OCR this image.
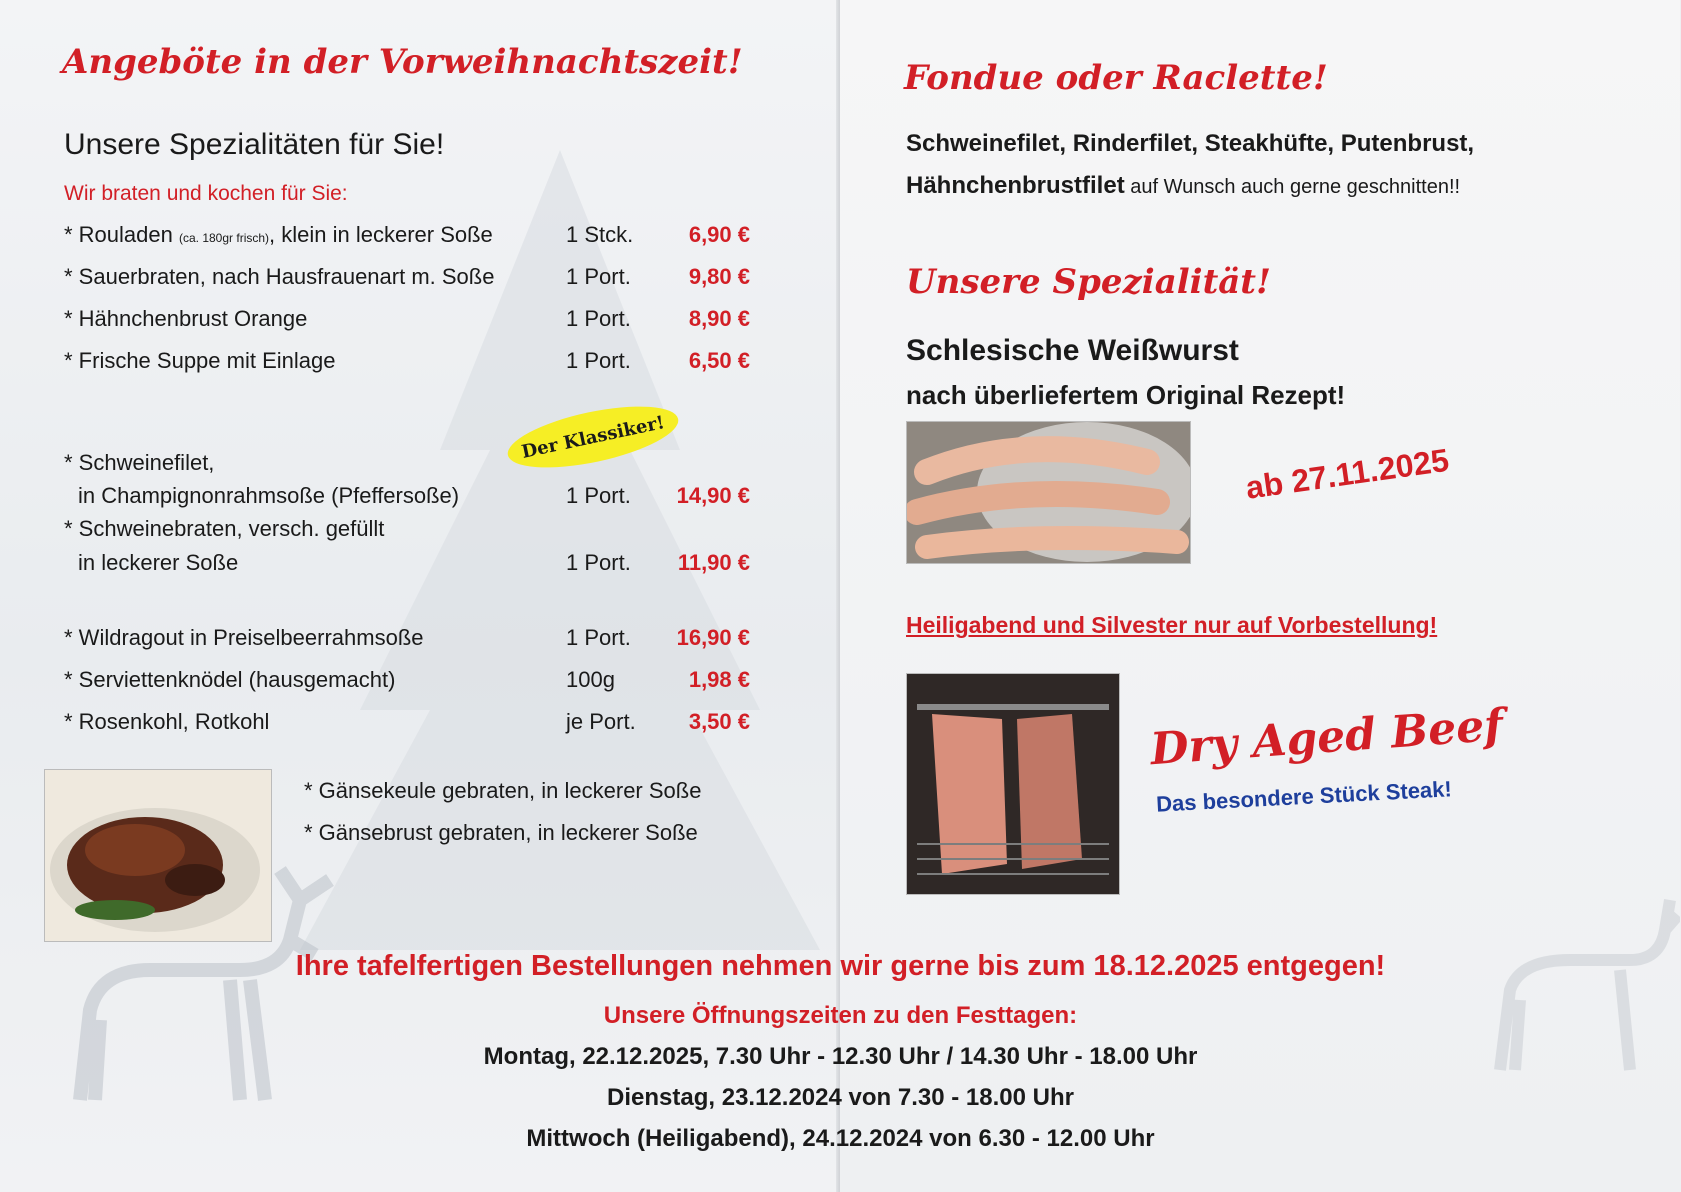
Angeböte in der Vorweihnachtszeit!
Unsere Spezialitäten für Sie!
Wir braten und kochen für Sie:
* Rouladen (ca. 180gr frisch), klein in leckerer Soße	1 Stck.	6,90 €
* Sauerbraten, nach Hausfrauenart m. Soße	1 Port.	9,80 €
* Hähnchenbrust Orange	1 Port.	8,90 €
* Frische Suppe mit Einlage	1 Port.	6,50 €
Der Klassiker!
* Schweinefilet,
in Champignonrahmsoße (Pfeffersoße)	1 Port.	14,90 €
* Schweinebraten, versch. gefüllt
in leckerer Soße	1 Port.	11,90 €
* Wildragout in Preiselbeerrahmsoße	1 Port.	16,90 €
* Serviettenknödel (hausgemacht)	100g	1,98 €
* Rosenkohl, Rotkohl	je Port.	3,50 €
* Gänsekeule gebraten, in leckerer Soße
* Gänsebrust gebraten, in leckerer Soße
Fondue oder Raclette!
Schweinefilet, Rinderfilet, Steakhüfte, Putenbrust,
Hähnchenbrustfilet auf Wunsch auch gerne geschnitten!!
Unsere Spezialität!
Schlesische Weißwurst
nach überliefertem Original Rezept!
ab 27.11.2025
Heiligabend und Silvester nur auf Vorbestellung!
Dry Aged Beef
Das besondere Stück Steak!
Ihre tafelfertigen Bestellungen nehmen wir gerne bis zum 18.12.2025 entgegen!
Unsere Öffnungszeiten zu den Festtagen:
Montag, 22.12.2025, 7.30 Uhr - 12.30 Uhr / 14.30 Uhr - 18.00 Uhr
Dienstag, 23.12.2024 von 7.30 - 18.00 Uhr
Mittwoch (Heiligabend), 24.12.2024 von 6.30 - 12.00 Uhr
